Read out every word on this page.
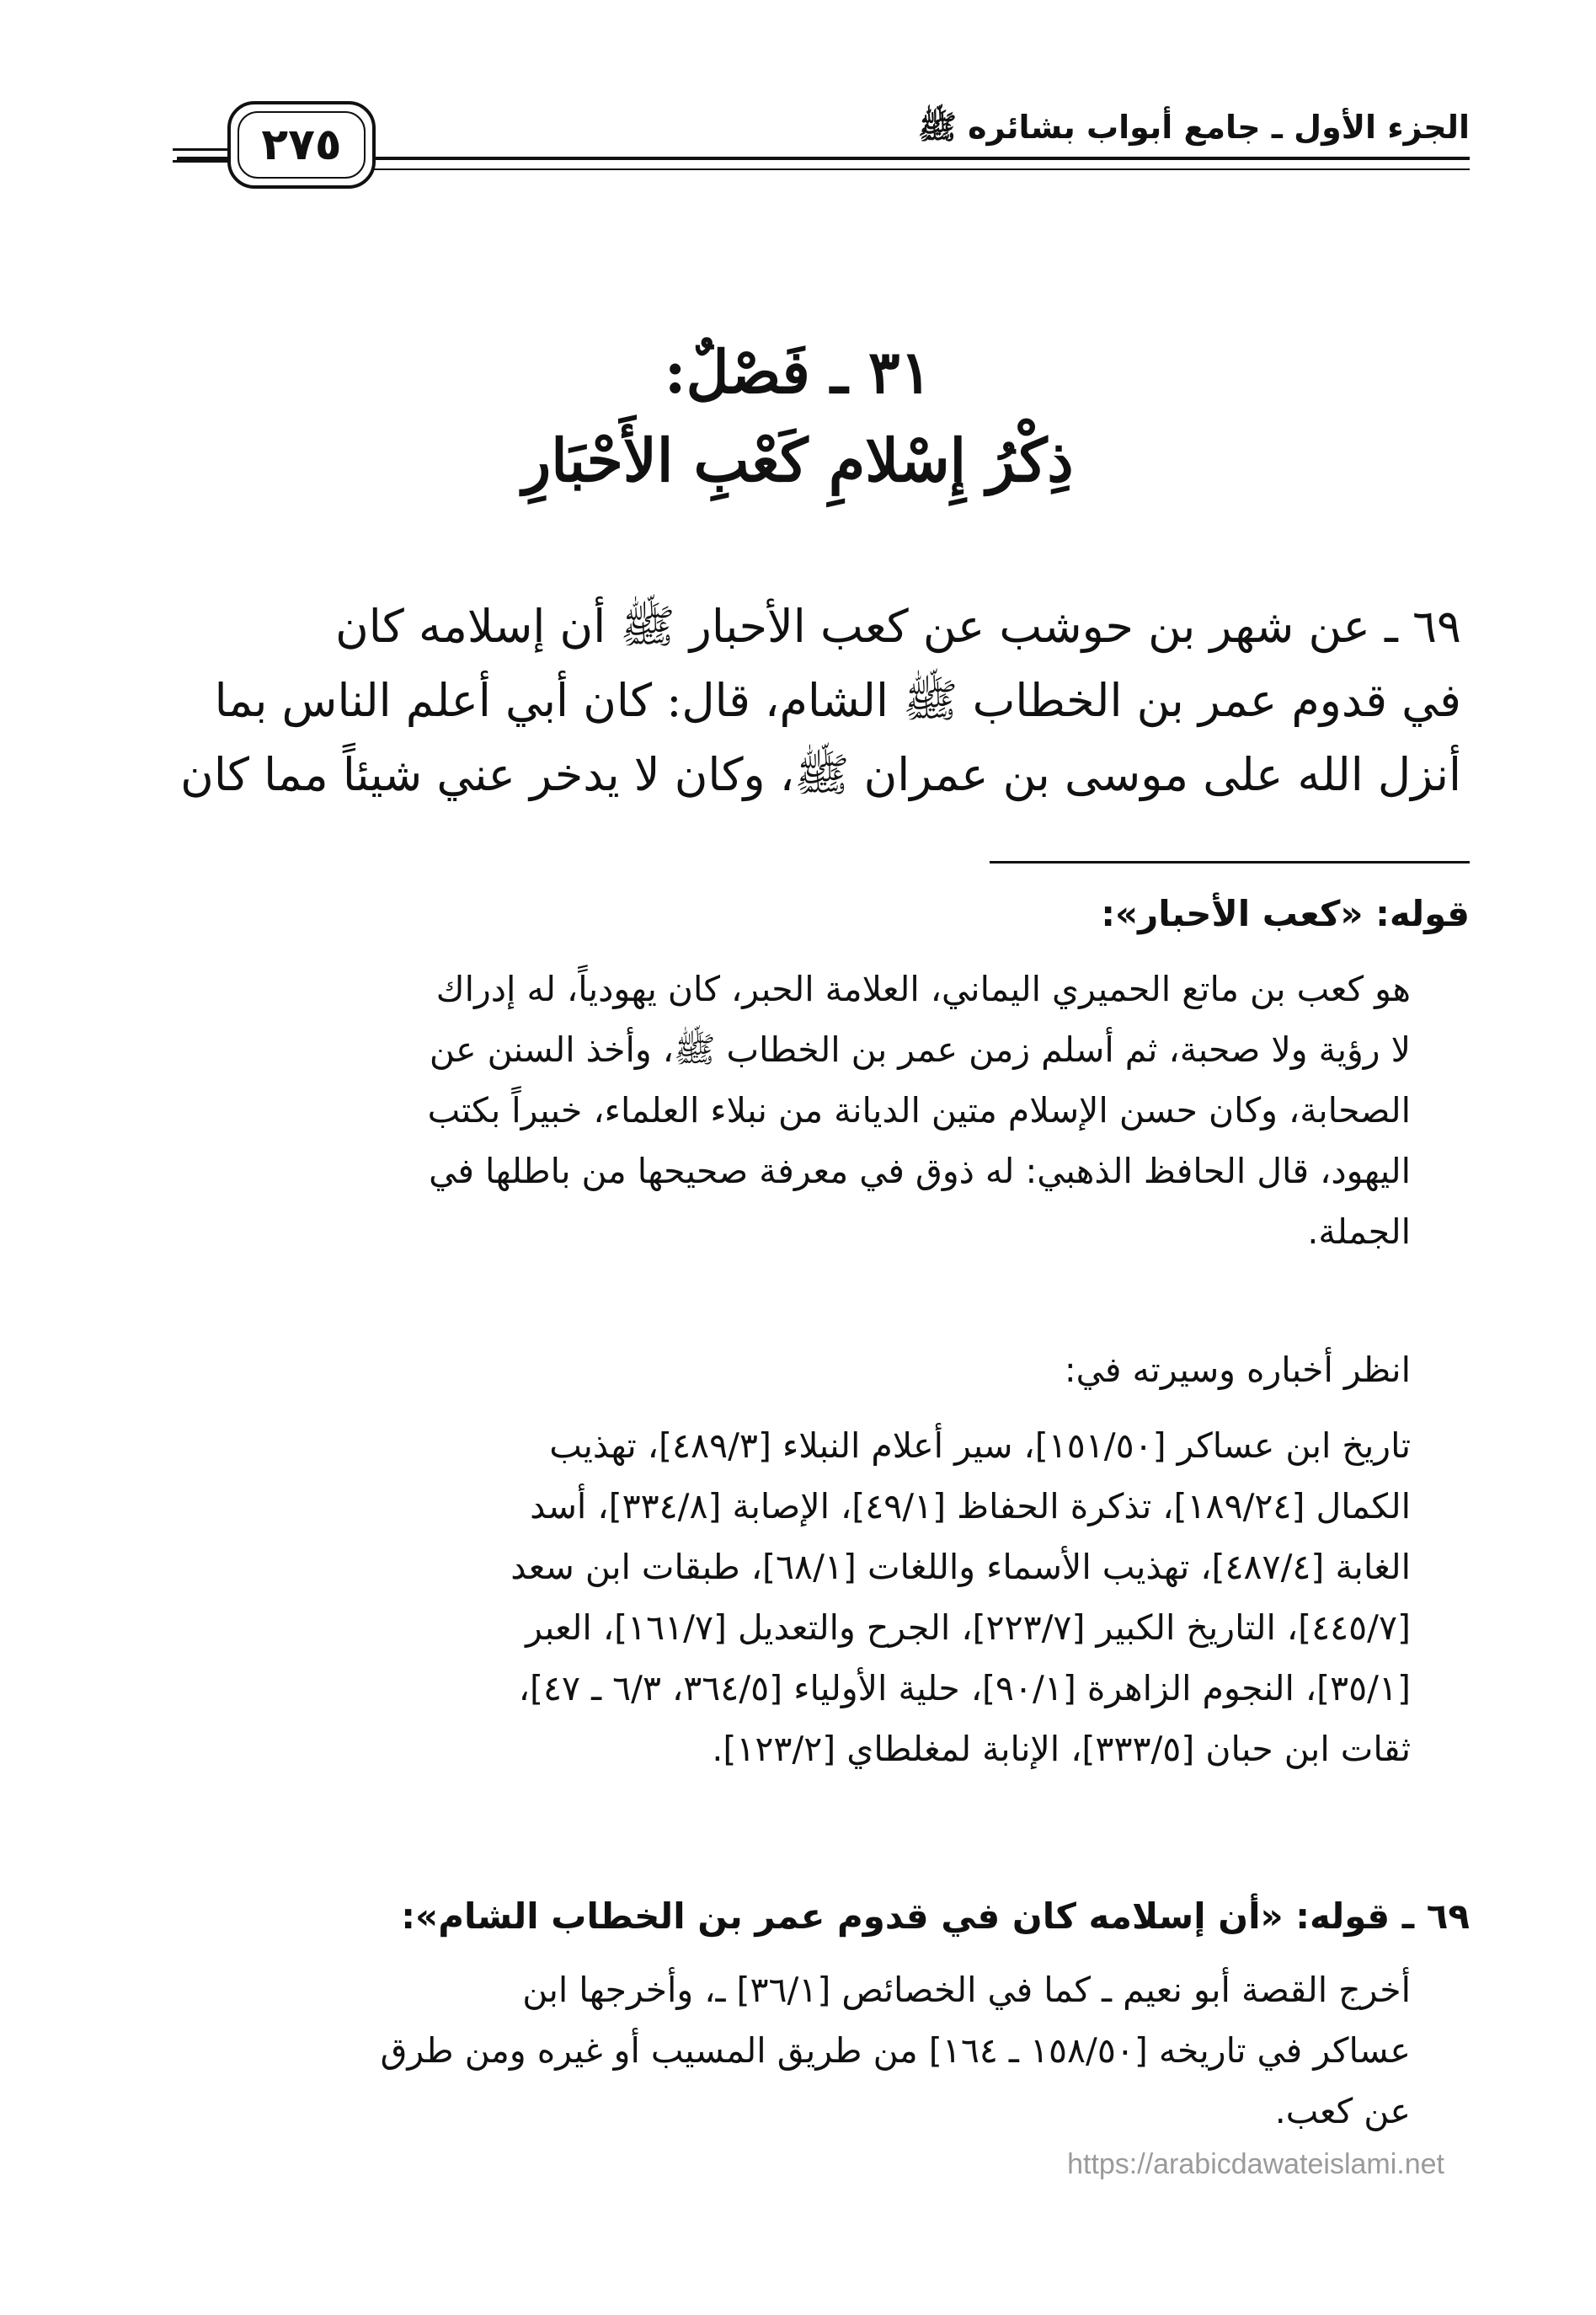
الجزء الأول ـ جامع أبواب بشائره ﷺ
٢٧٥
٣١ ـ فَصْلٌ:
ذِكْرُ إِسْلامِ كَعْبِ الأَحْبَارِ
٦٩ ـ عن شهر بن حوشب عن كعب الأحبار ﷺ أن إسلامه كان
في قدوم عمر بن الخطاب ﷺ الشام، قال: كان أبي أعلم الناس بما
أنزل الله على موسى بن عمران ﷺ، وكان لا يدخر عني شيئاً مما كان
قوله: «كعب الأحبار»:
هو كعب بن ماتع الحميري اليماني، العلامة الحبر، كان يهودياً، له إدراك
لا رؤية ولا صحبة، ثم أسلم زمن عمر بن الخطاب ﷺ، وأخذ السنن عن
الصحابة، وكان حسن الإسلام متين الديانة من نبلاء العلماء، خبيراً بكتب
اليهود، قال الحافظ الذهبي: له ذوق في معرفة صحيحها من باطلها في
الجملة.
انظر أخباره وسيرته في:
تاريخ ابن عساكر [١٥١/٥٠]، سير أعلام النبلاء [٤٨٩/٣]، تهذيب
الكمال [١٨٩/٢٤]، تذكرة الحفاظ [٤٩/١]، الإصابة [٣٣٤/٨]، أسد
الغابة [٤٨٧/٤]، تهذيب الأسماء واللغات [٦٨/١]، طبقات ابن سعد
[٤٤٥/٧]، التاريخ الكبير [٢٢٣/٧]، الجرح والتعديل [١٦١/٧]، العبر
[٣٥/١]، النجوم الزاهرة [٩٠/١]، حلية الأولياء [٣٦٤/٥، ٦/٣ ـ ٤٧]،
ثقات ابن حبان [٣٣٣/٥]، الإنابة لمغلطاي [١٢٣/٢].
٦٩ ـ قوله: «أن إسلامه كان في قدوم عمر بن الخطاب الشام»:
أخرج القصة أبو نعيم ـ كما في الخصائص [٣٦/١] ـ، وأخرجها ابن
عساكر في تاريخه [١٥٨/٥٠ ـ ١٦٤] من طريق المسيب أو غيره ومن طرق
عن كعب.
https://arabicdawateislami.net
